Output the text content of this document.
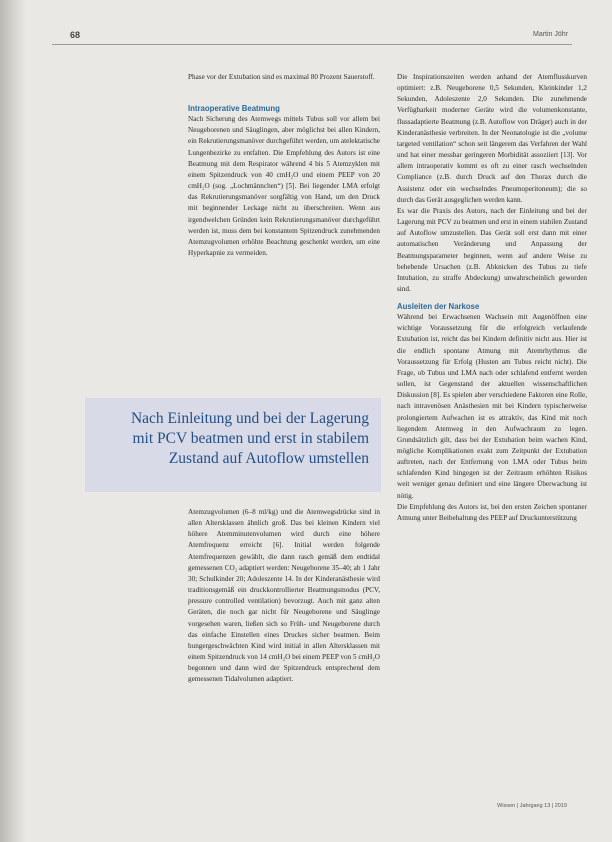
68	Martin Jöhr

Phase vor der Extubation sind es maximal 80 Prozent Sauerstoff.

Intraoperative Beatmung

Nach Sicherung des Atemwegs mittels Tubus soll vor allem bei Neugeborenen und Säuglingen, aber möglichst bei allen Kindern, ein Rekrutierungsmanöver durchgeführt werden, um atelektatische Lungenbezirke zu entfalten. Die Empfehlung des Autors ist eine Beatmung mit dem Respirator während 4 bis 5 Atemzyklen mit einem Spitzendruck von 40 cmH₂O und einem PEEP von 20 cmH₂O (sog. „Lochmännchen“) [5]. Bei liegender LMA erfolgt das Rekrutierungsmanöver sorgfältig von Hand, um den Druck mit beginnender Leckage nicht zu überschreiten. Wenn aus irgendwelchen Gründen kein Rekrutierungsmanöver durchgeführt werden ist, muss dem bei konstantem Spitzendruck zunehmenden Atemzugvolumen erhöhte Beachtung geschenkt werden, um eine Hyperkapnie zu vermeiden.

Nach Einleitung und bei der Lagerung
mit PCV beatmen und erst in stabilem
Zustand auf Autoflow umstellen

Atemzugvolumen (6–8 ml/kg) und die Atemwegsdrücke sind in allen Altersklassen ähnlich groß. Das bei kleinen Kindern viel höhere Atemminutenvolumen wird durch eine höhere Atemfrequenz erreicht [6]. Initial werden folgende Atemfrequenzen gewählt, die dann rasch gemäß dem endtidal gemessenen CO₂ adaptiert werden: Neugeborene 35–40; ab 1 Jahr 30; Schulkinder 20; Adoleszente 14. In der Kinderanästhesie wird traditionsgemäß ein druckkontrollierter Beatmungsmodus (PCV, pressure controlled ventilation) bevorzugt. Auch mit ganz alten Geräten, die noch gar nicht für Neugeborene und Säuglinge vorgesehen waren, ließen sich so Früh- und Neugeborene durch das einfache Einstellen eines Druckes sicher beatmen. Beim hungergeschwächten Kind wird initial in allen Altersklassen mit einem Spitzendruck von 14 cmH₂O bei einem PEEP von 5 cmH₂O begonnen und dann wird der Spitzendruck entsprechend dem gemessenen Tidalvolumen adaptiert.

Die Inspirationszeiten werden anhand der Atemflusskurven optimiert: z.B. Neugeborene 0,5 Sekunden, Kleinkinder 1,2 Sekunden, Adoleszente 2,0 Sekunden. Die zunehmende Verfügbarkeit moderner Geräte wird die volumenkonstante, flussadaptierte Beatmung (z.B. Autoflow von Dräger) auch in der Kinderanästhesie verbreiten. In der Neonatologie ist die „volume targeted ventilation“ schon seit längerem das Verfahren der Wahl und hat einer messbar geringeren Morbidität assoziiert [13]. Vor allem intraoperativ kommt es oft zu einer rasch wechselnden Compliance (z.B. durch Druck auf den Thorax durch die Assistenz oder ein wechselndes Pneumoperitoneum); die so durch das Gerät ausgeglichen werden kann.

Es war die Praxis des Autors, nach der Einleitung und bei der Lagerung mit PCV zu beatmen und erst in einem stabilen Zustand auf Autoflow umzustellen. Das Gerät soll erst dann mit einer automatischen Veränderung und Anpassung der Beatmungsparameter beginnen, wenn auf andere Weise zu behebende Ursachen (z.B. Abknicken des Tubus zu tiefe Intubation, zu straffe Abdeckung) unwahrscheinlich geworden sind.

Ausleiten der Narkose

Während bei Erwachsenen Wachsein mit Augenöffnen eine wichtige Voraussetzung für die erfolgreich verlaufende Extubation ist, reicht das bei Kindern definitiv nicht aus. Hier ist die endlich spontane Atmung mit Atemrhythmus die Voraussetzung für Erfolg (Husten am Tubus reicht nicht). Die Frage, ob Tubus und LMA nach oder schlafend entfernt werden sollen, ist Gegenstand der aktuellen wissenschaftlichen Diskussion [8]. Es spielen aber verschiedene Faktoren eine Rolle, nach intravenösen Anästhesien mit bei Kindern typischerweise prolongiertem Aufwachen ist es attraktiv, das Kind mit noch liegendem Atemweg in den Aufwachraum zu legen. Grundsätzlich gilt, dass bei der Extubation beim wachen Kind, mögliche Komplikationen exakt zum Zeitpunkt der Extubation auftreten, nach der Entfernung von LMA oder Tubus beim schlafenden Kind hingegen ist der Zeitraum erhöhten Risikos weit weniger genau definiert und eine längere Überwachung ist nötig.

Die Empfehlung des Autors ist, bei den ersten Zeichen spontaner Atmung unter Beibehaltung des PEEP auf Druckunterstützung

Wissen | Jahrgang 13 | 2019
